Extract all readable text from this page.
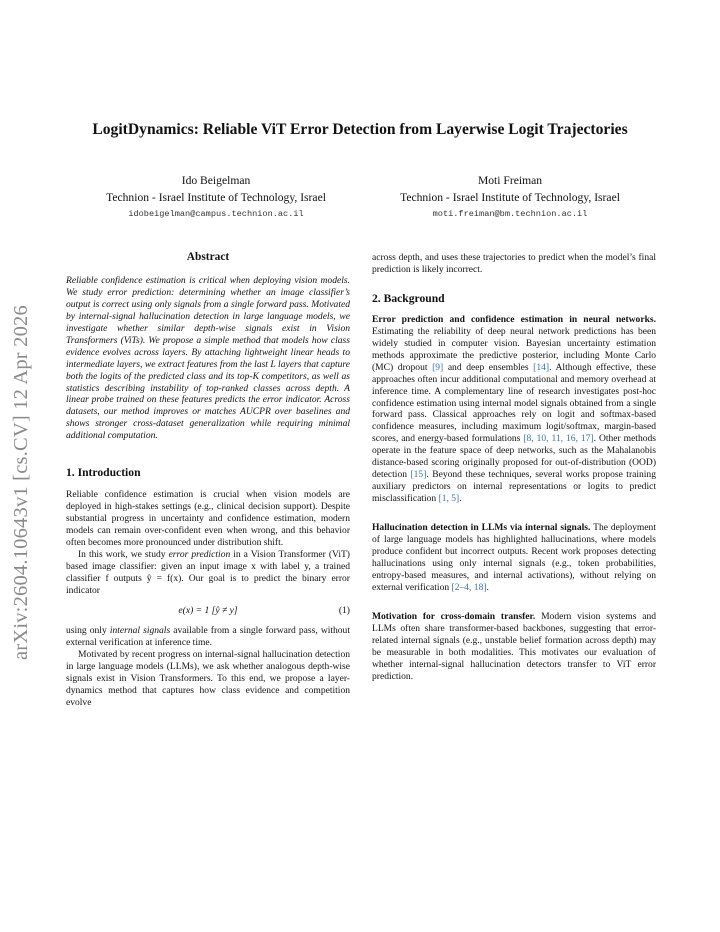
arXiv:2604.10643v1 [cs.CV] 12 Apr 2026
LogitDynamics: Reliable ViT Error Detection from Layerwise Logit Trajectories
Ido Beigelman
Technion - Israel Institute of Technology, Israel
idobeigelman@campus.technion.ac.il
Moti Freiman
Technion - Israel Institute of Technology, Israel
moti.freiman@bm.technion.ac.il
Abstract

Reliable confidence estimation is critical when deploying vision models. We study error prediction: determining whether an image classifier’s output is correct using only signals from a single forward pass. Motivated by internal-signal hallucination detection in large language models, we investigate whether similar depth-wise signals exist in Vision Transformers (ViTs). We propose a simple method that models how class evidence evolves across layers. By attaching lightweight linear heads to intermediate layers, we extract features from the last L layers that capture both the logits of the predicted class and its top-K competitors, as well as statistics describing instability of top-ranked classes across depth. A linear probe trained on these features predicts the error indicator. Across datasets, our method improves or matches AUCPR over baselines and shows stronger cross-dataset generalization while requiring minimal additional computation.

1. Introduction

Reliable confidence estimation is crucial when vision models are deployed in high-stakes settings (e.g., clinical decision support). Despite substantial progress in uncertainty and confidence estimation, modern models can remain over-confident even when wrong, and this behavior often becomes more pronounced under distribution shift.

In this work, we study error prediction in a Vision Transformer (ViT) based image classifier: given an input image x with label y, a trained classifier f outputs ŷ = f(x). Our goal is to predict the binary error indicator

e(x) = 1 [ŷ ≠ y]	(1)

using only internal signals available from a single forward pass, without external verification at inference time.

Motivated by recent progress on internal-signal hallucination detection in large language models (LLMs), we ask whether analogous depth-wise signals exist in Vision Transformers. To this end, we propose a layer-dynamics method that captures how class evidence and competition evolve

across depth, and uses these trajectories to predict when the model’s final prediction is likely incorrect.

2. Background

Error prediction and confidence estimation in neural networks. Estimating the reliability of deep neural network predictions has been widely studied in computer vision. Bayesian uncertainty estimation methods approximate the predictive posterior, including Monte Carlo (MC) dropout [9] and deep ensembles [14]. Although effective, these approaches often incur additional computational and memory overhead at inference time. A complementary line of research investigates post-hoc confidence estimation using internal model signals obtained from a single forward pass. Classical approaches rely on logit and softmax-based confidence measures, including maximum logit/softmax, margin-based scores, and energy-based formulations [8, 10, 11, 16, 17]. Other methods operate in the feature space of deep networks, such as the Mahalanobis distance-based scoring originally proposed for out-of-distribution (OOD) detection [15]. Beyond these techniques, several works propose training auxiliary predictors on internal representations or logits to predict misclassification [1, 5].

Hallucination detection in LLMs via internal signals. The deployment of large language models has highlighted hallucinations, where models produce confident but incorrect outputs. Recent work proposes detecting hallucinations using only internal signals (e.g., token probabilities, entropy-based measures, and internal activations), without relying on external verification [2–4, 18].

Motivation for cross-domain transfer. Modern vision systems and LLMs often share transformer-based backbones, suggesting that error-related internal signals (e.g., unstable belief formation across depth) may be measurable in both modalities. This motivates our evaluation of whether internal-signal hallucination detectors transfer to ViT error prediction.
